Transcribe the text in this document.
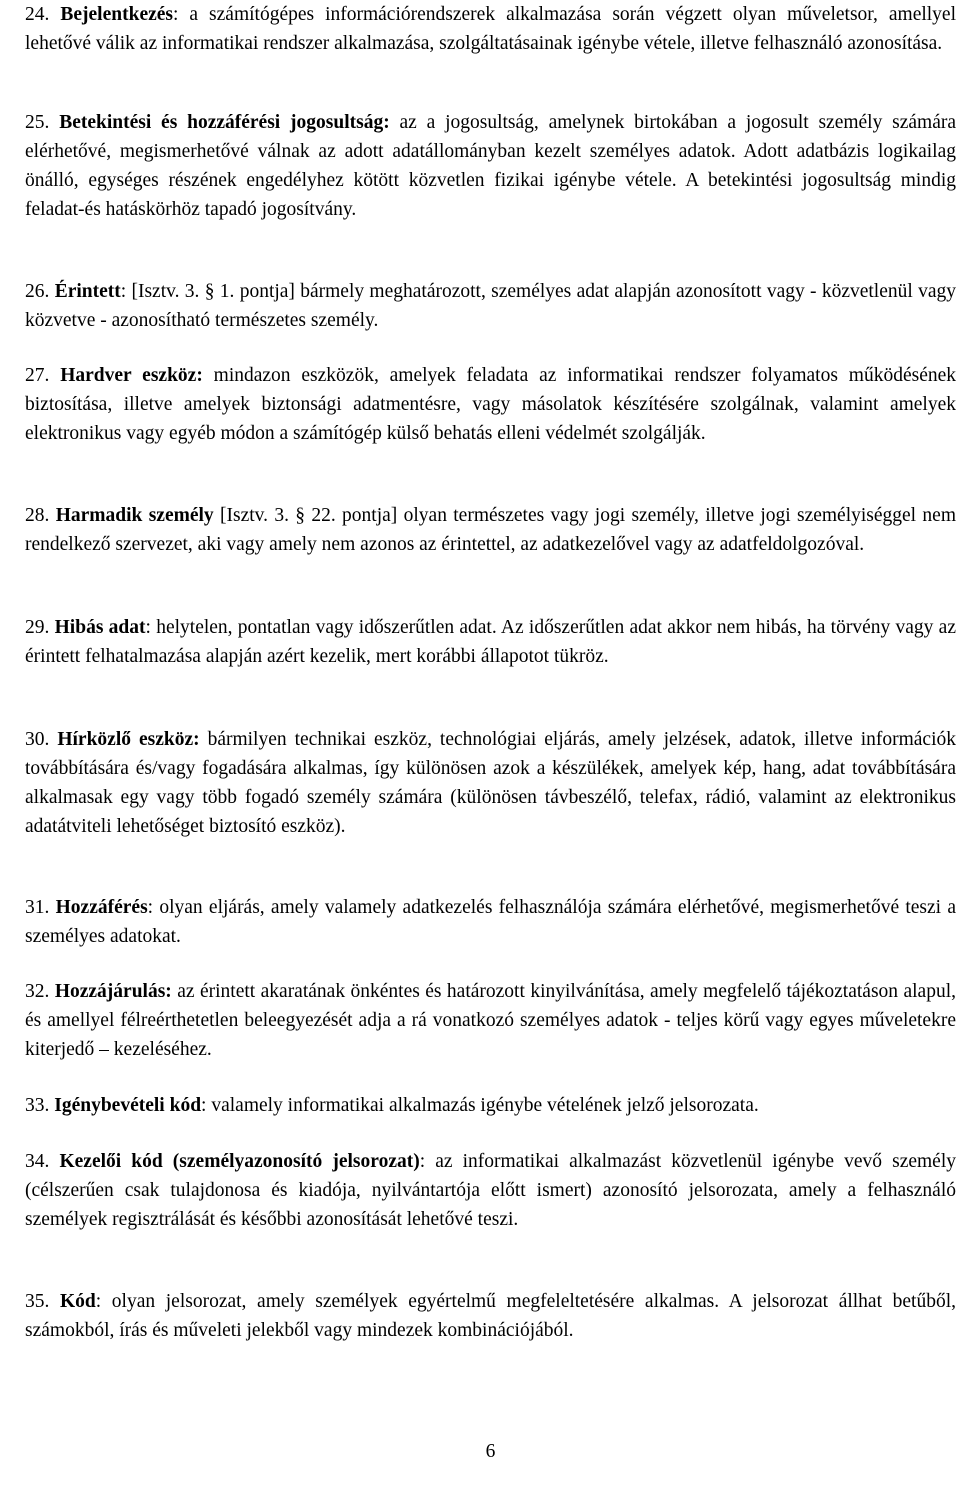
24. Bejelentkezés: a számítógépes információrendszerek alkalmazása során végzett olyan műveletsor, amellyel lehetővé válik az informatikai rendszer alkalmazása, szolgáltatásainak igénybe vétele, illetve felhasználó azonosítása.

25. Betekintési és hozzáférési jogosultság: az a jogosultság, amelynek birtokában a jogosult személy számára elérhetővé, megismerhetővé válnak az adott adatállományban kezelt személyes adatok. Adott adatbázis logikailag önálló, egységes részének engedélyhez kötött közvetlen fizikai igénybe vétele. A betekintési jogosultság mindig feladat-és hatáskörhöz tapadó jogosítvány.

26. Érintett: [Isztv. 3. § 1. pontja] bármely meghatározott, személyes adat alapján azonosított vagy - közvetlenül vagy közvetve - azonosítható természetes személy.

27. Hardver eszköz: mindazon eszközök, amelyek feladata az informatikai rendszer folyamatos működésének biztosítása, illetve amelyek biztonsági adatmentésre, vagy másolatok készítésére szolgálnak, valamint amelyek elektronikus vagy egyéb módon a számítógép külső behatás elleni védelmét szolgálják.

28. Harmadik személy [Isztv. 3. § 22. pontja] olyan természetes vagy jogi személy, illetve jogi személyiséggel nem rendelkező szervezet, aki vagy amely nem azonos az érintettel, az adatkezelővel vagy az adatfeldolgozóval.

29. Hibás adat: helytelen, pontatlan vagy időszerűtlen adat. Az időszerűtlen adat akkor nem hibás, ha törvény vagy az érintett felhatalmazása alapján azért kezelik, mert korábbi állapotot tükröz.

30. Hírközlő eszköz: bármilyen technikai eszköz, technológiai eljárás, amely jelzések, adatok, illetve információk továbbítására és/vagy fogadására alkalmas, így különösen azok a készülékek, amelyek kép, hang, adat továbbítására alkalmasak egy vagy több fogadó személy számára (különösen távbeszélő, telefax, rádió, valamint az elektronikus adatátviteli lehetőséget biztosító eszköz).

31. Hozzáférés: olyan eljárás, amely valamely adatkezelés felhasználója számára elérhetővé, megismerhetővé teszi a személyes adatokat.

32. Hozzájárulás: az érintett akaratának önkéntes és határozott kinyilvánítása, amely megfelelő tájékoztatáson alapul, és amellyel félreérthetetlen beleegyezését adja a rá vonatkozó személyes adatok - teljes körű vagy egyes műveletekre kiterjedő – kezeléséhez.

33. Igénybevételi kód: valamely informatikai alkalmazás igénybe vételének jelző jelsorozata.

34. Kezelői kód (személyazonosító jelsorozat): az informatikai alkalmazást közvetlenül igénybe vevő személy (célszerűen csak tulajdonosa és kiadója, nyilvántartója előtt ismert) azonosító jelsorozata, amely a felhasználó személyek regisztrálását és későbbi azonosítását lehetővé teszi.

35. Kód: olyan jelsorozat, amely személyek egyértelmű megfeleltetésére alkalmas. A jelsorozat állhat betűből, számokból, írás és műveleti jelekből vagy mindezek kombinációjából.

6
